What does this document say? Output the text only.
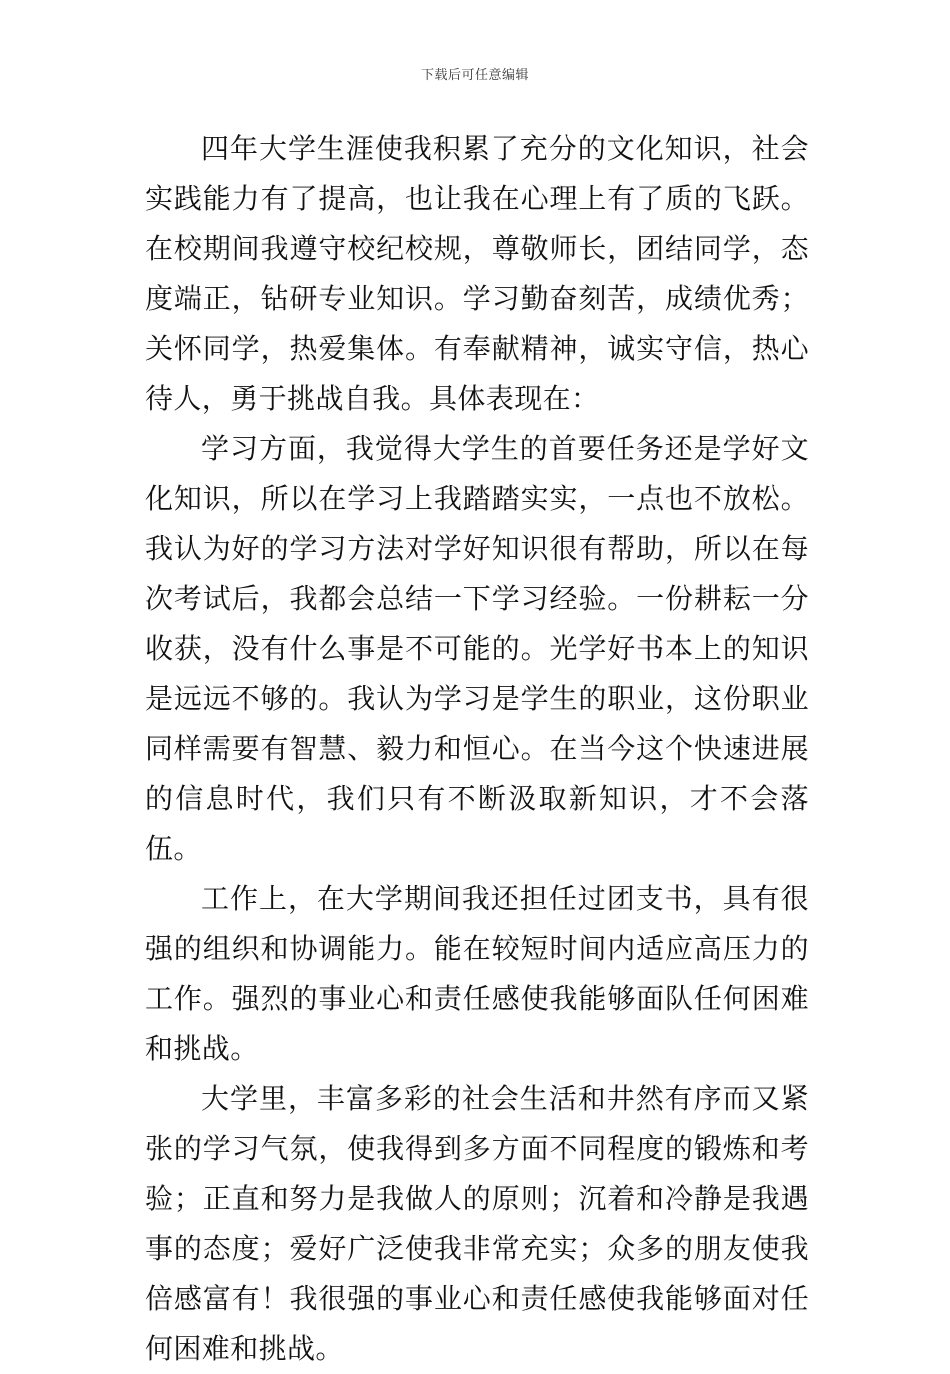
下载后可任意编辑

四年大学生涯使我积累了充分的文化知识，社会实践能力有了提高，也让我在心理上有了质的飞跃。在校期间我遵守校纪校规，尊敬师长，团结同学，态度端正，钻研专业知识。学习勤奋刻苦，成绩优秀；关怀同学，热爱集体。有奉献精神，诚实守信，热心待人，勇于挑战自我。具体表现在：

学习方面，我觉得大学生的首要任务还是学好文化知识，所以在学习上我踏踏实实，一点也不放松。我认为好的学习方法对学好知识很有帮助，所以在每次考试后，我都会总结一下学习经验。一份耕耘一分收获，没有什么事是不可能的。光学好书本上的知识是远远不够的。我认为学习是学生的职业，这份职业同样需要有智慧、毅力和恒心。在当今这个快速进展的信息时代，我们只有不断汲取新知识，才不会落伍。

工作上，在大学期间我还担任过团支书，具有很强的组织和协调能力。能在较短时间内适应高压力的工作。强烈的事业心和责任感使我能够面队任何困难和挑战。

大学里，丰富多彩的社会生活和井然有序而又紧张的学习气氛，使我得到多方面不同程度的锻炼和考验；正直和努力是我做人的原则；沉着和冷静是我遇事的态度；爱好广泛使我非常充实；众多的朋友使我倍感富有！我很强的事业心和责任感使我能够面对任何困难和挑战。
